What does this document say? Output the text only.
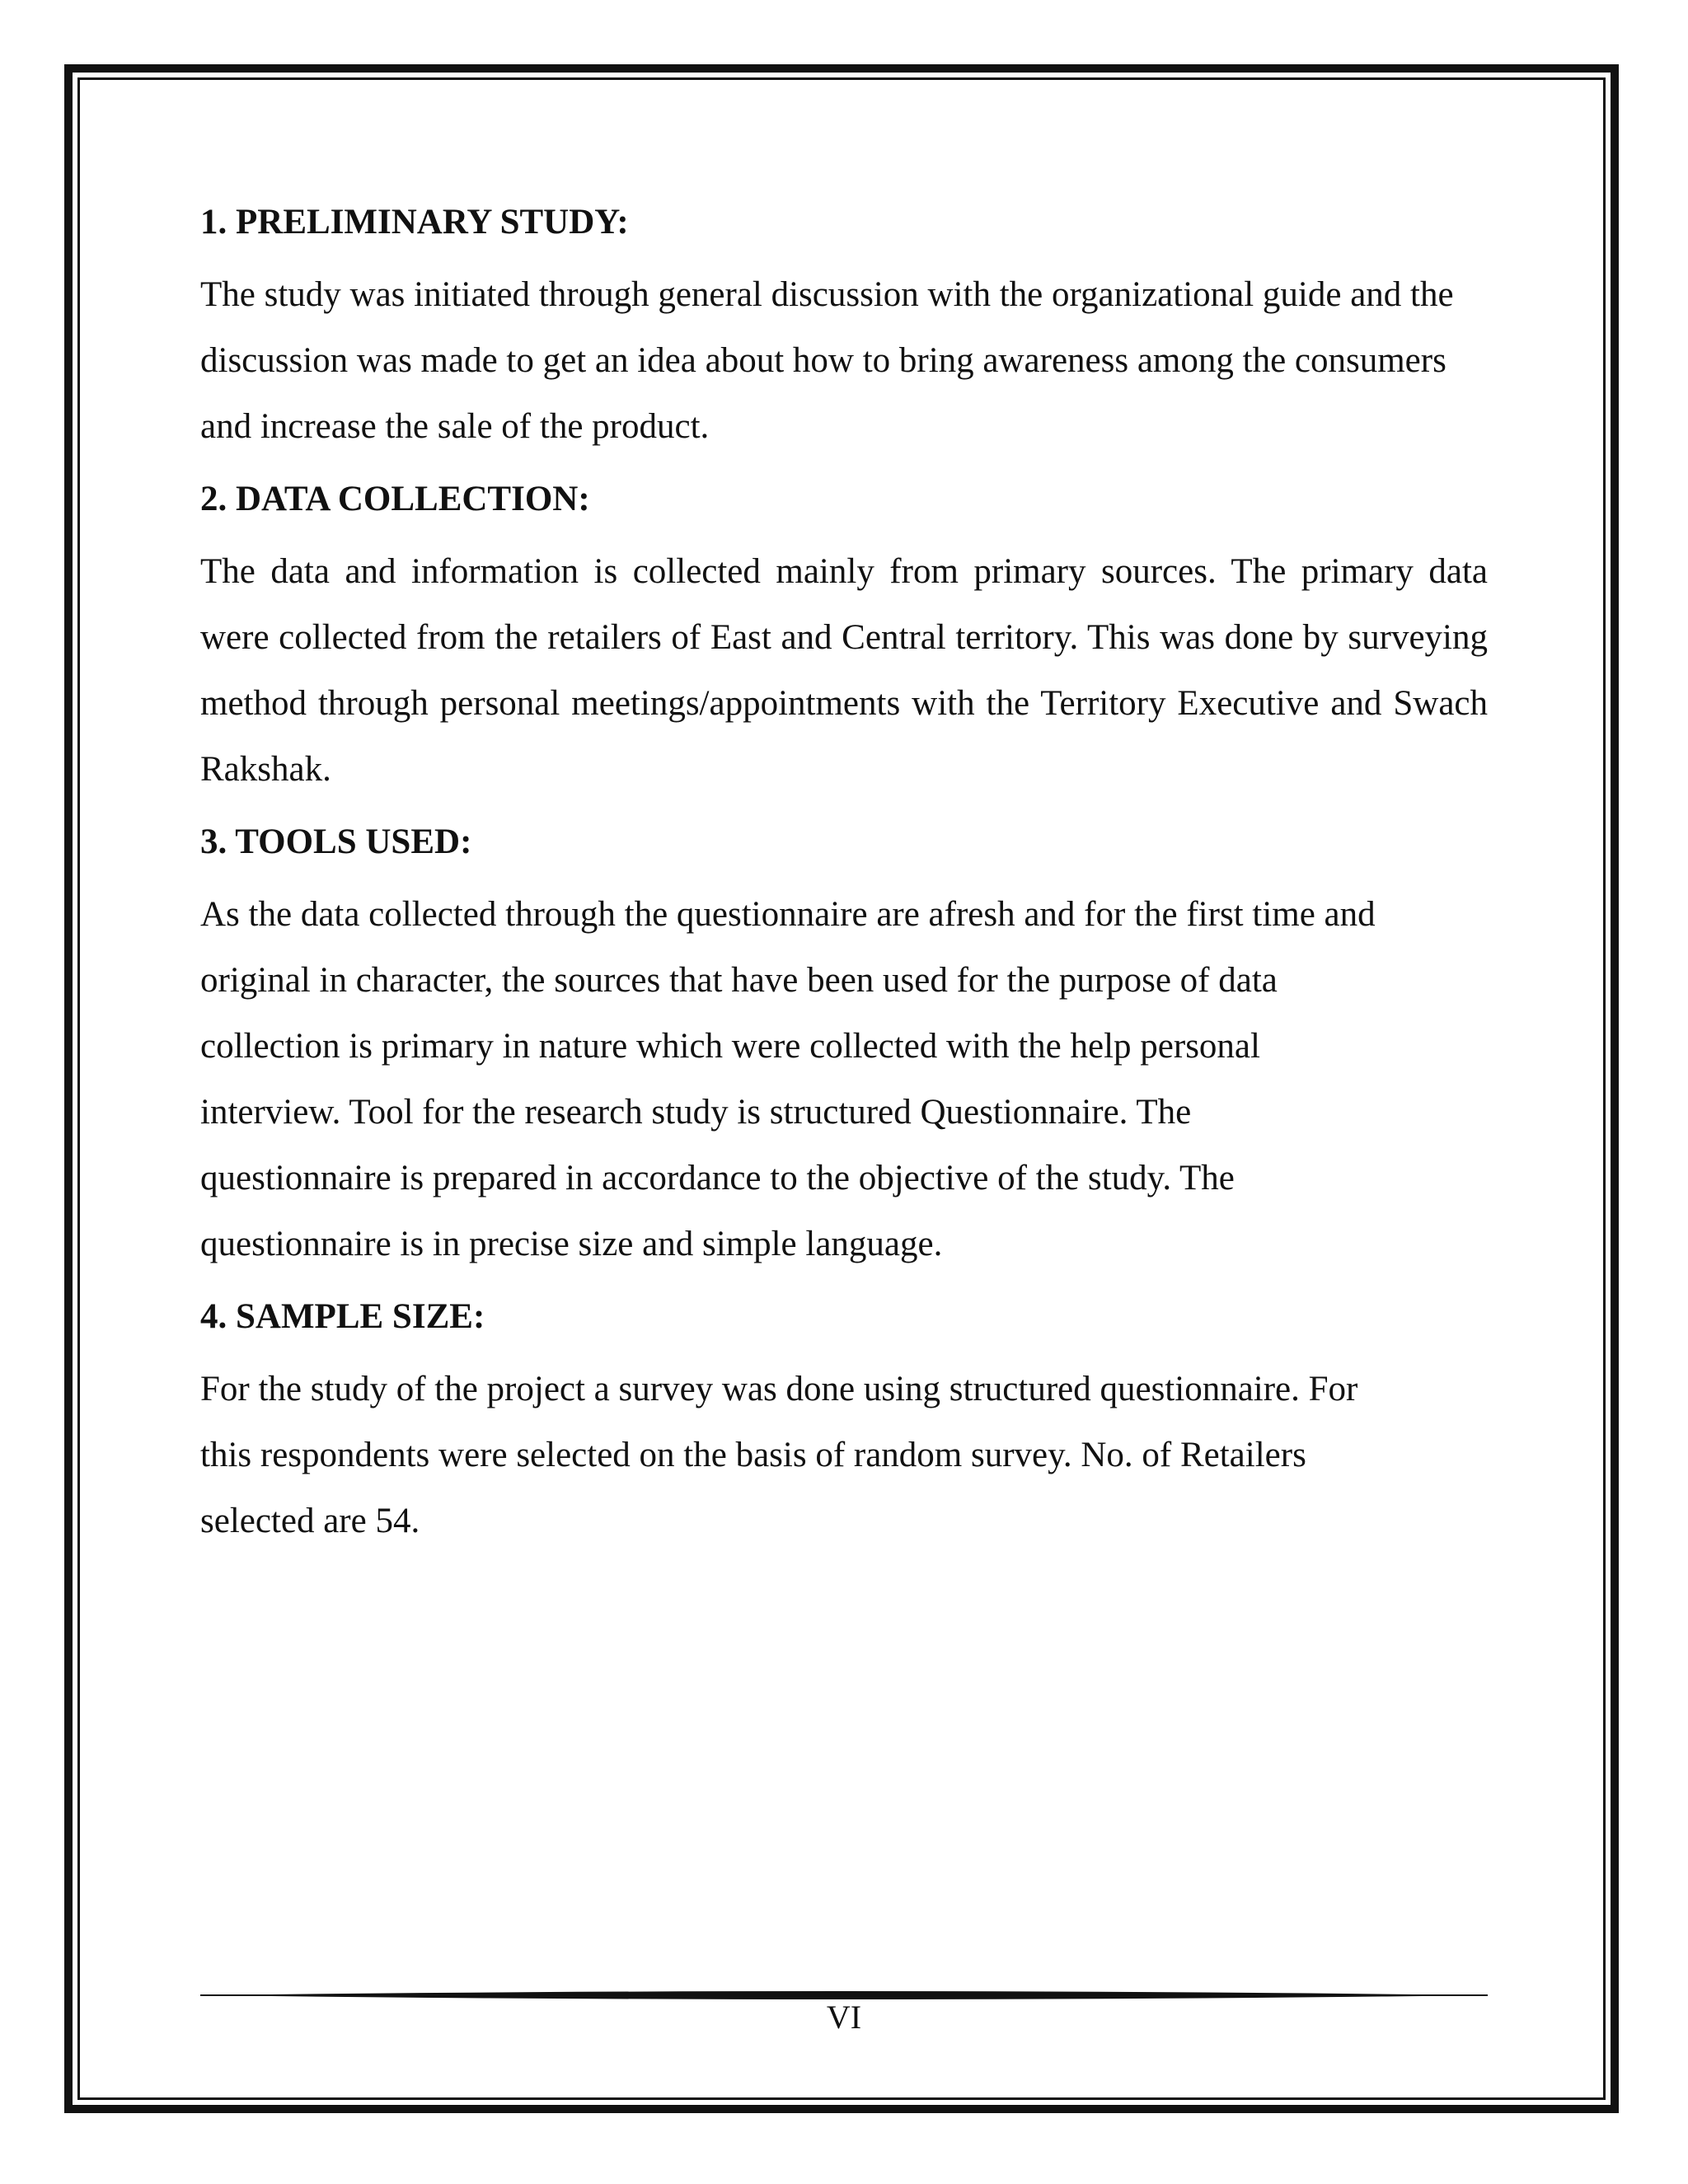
1. PRELIMINARY STUDY:

The study was initiated through general discussion with the organizational guide and the discussion was made to get an idea about how to bring awareness among the consumers and increase the sale of the product.

2. DATA COLLECTION:

The data and information is collected mainly from primary sources. The primary data were collected from the retailers of East and Central territory. This was done by surveying method through personal meetings/appointments with the Territory Executive and Swach Rakshak.

3. TOOLS USED:
As the data collected through the questionnaire are afresh and for the first time and
original in character, the sources that have been used for the purpose of data
collection is primary in nature which were collected with the help personal
interview. Tool for the research study is structured Questionnaire. The
questionnaire is prepared in accordance to the objective of the study. The
questionnaire is in precise size and simple language.
4. SAMPLE SIZE:
For the study of the project a survey was done using structured questionnaire. For
this respondents were selected on the basis of random survey. No. of Retailers
selected are 54.
VI
